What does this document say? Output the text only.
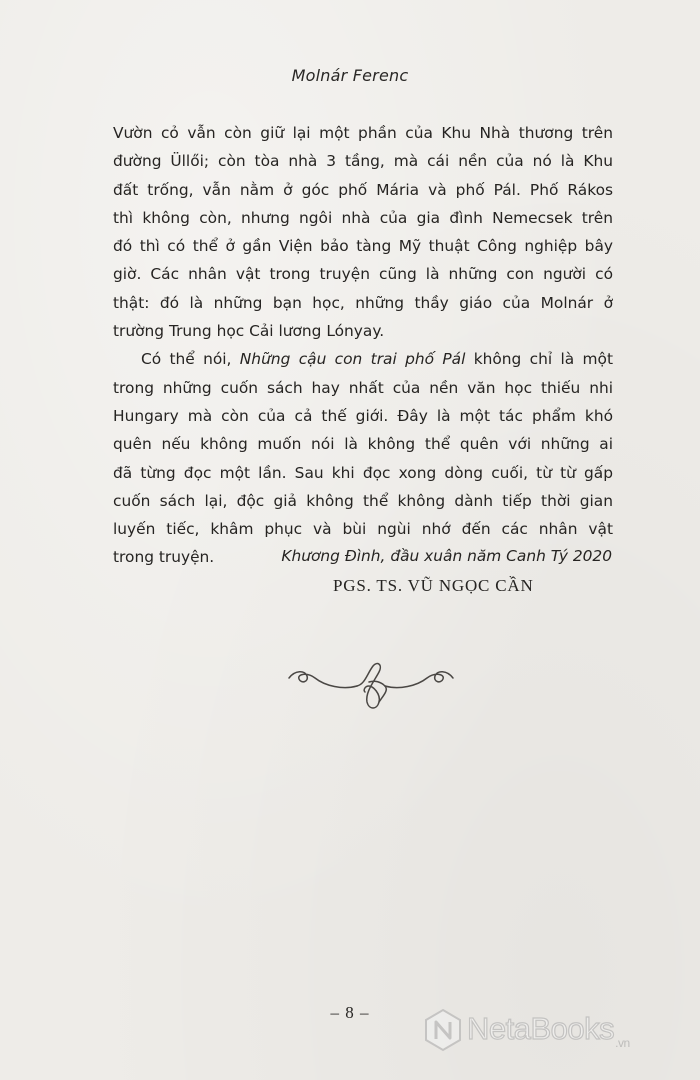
Molnár Ferenc
Vườn cỏ vẫn còn giữ lại một phần của Khu Nhà thương trên
đường Üllői; còn tòa nhà 3 tầng, mà cái nền của nó là Khu
đất trống, vẫn nằm ở góc phố Mária và phố Pál. Phố Rákos
thì không còn, nhưng ngôi nhà của gia đình Nemecsek trên
đó thì có thể ở gần Viện bảo tàng Mỹ thuật Công nghiệp bây
giờ. Các nhân vật trong truyện cũng là những con người có
thật: đó là những bạn học, những thầy giáo của Molnár ở
trường Trung học Cải lương Lónyay.
Có thể nói, Những cậu con trai phố Pál không chỉ là một
trong những cuốn sách hay nhất của nền văn học thiếu nhi
Hungary mà còn của cả thế giới. Đây là một tác phẩm khó
quên nếu không muốn nói là không thể quên với những ai
đã từng đọc một lần. Sau khi đọc xong dòng cuối, từ từ gấp
cuốn sách lại, độc giả không thể không dành tiếp thời gian
luyến tiếc, khâm phục và bùi ngùi nhớ đến các nhân vật
trong truyện.	Khương Đình, đầu xuân năm Canh Tý 2020
PGS. TS. VŨ NGỌC CẦN
– 8 –	NetaBooks$_{.vn}$
